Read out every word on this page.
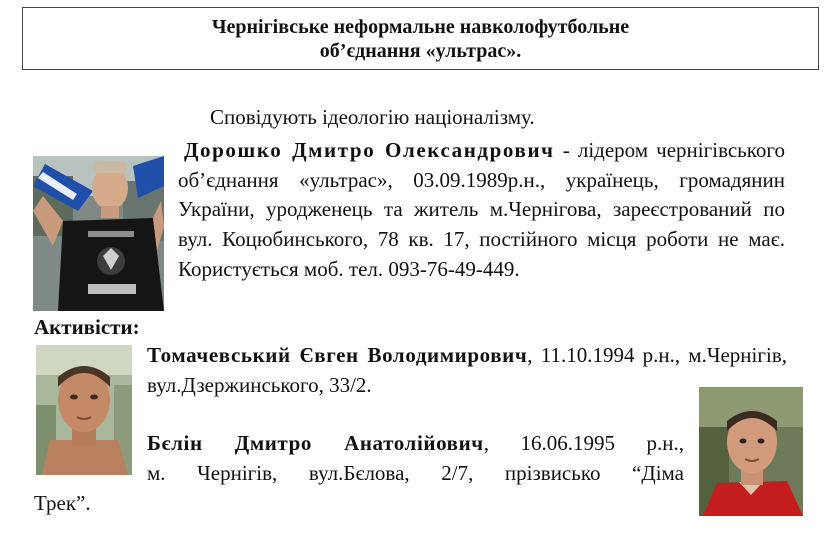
Чернігівське неформальне навколофутбольне
об’єднання «ультрас».
Сповідують ідеологію націоналізму.
Дорошко Дмитро Олександрович - лідером чернігівського об’єднання «ультрас», 03.09.1989р.н., українець, громадянин України, уродженець та житель м.Чернігова, зареєстрований по вул. Коцюбинського, 78 кв. 17, постійного місця роботи не має. Користується моб. тел. 093-76-49-449.
Активісти:
Томачевський Євген Володимирович, 11.10.1994 р.н., м.Чернігів, вул.Дзержинського, 33/2.
Бєлін Дмитро Анатолійович, 16.06.1995 р.н.,
м. Чернігів, вул.Бєлова, 2/7, прізвисько “Діма
Трек”.
